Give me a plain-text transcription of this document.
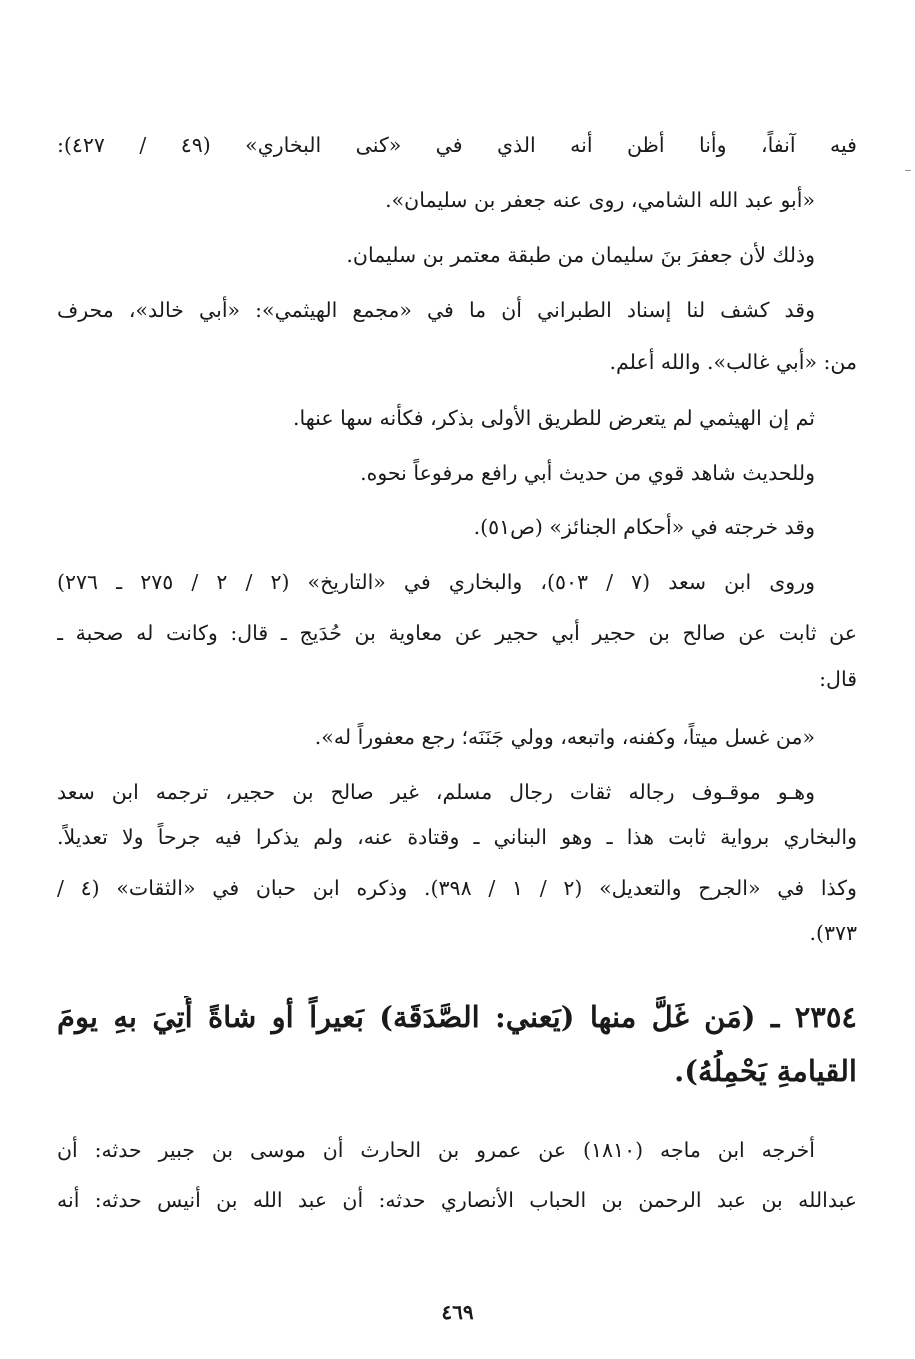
فيه آنفاً، وأنا أظن أنه الذي في «كنى البخاري» (٤٩ / ٤٢٧):
«أبو عبد الله الشامي، روى عنه جعفر بن سليمان».
وذلك لأن جعفرَ بنَ سليمان من طبقة معتمر بن سليمان.
وقد كشف لنا إسناد الطبراني أن ما في «مجمع الهيثمي»: «أبي خالد»، محرف
من: «أبي غالب». والله أعلم.
ثم إن الهيثمي لم يتعرض للطريق الأولى بذكر، فكأنه سها عنها.
وللحديث شاهد قوي من حديث أبي رافع مرفوعاً نحوه.
وقد خرجته في «أحكام الجنائز» (ص٥١).
وروى ابن سعد (٧ / ٥٠٣)، والبخاري في «التاريخ» (٢ / ٢ / ٢٧٥ ـ ٢٧٦)
عن ثابت عن صالح بن حجير أبي حجير عن معاوية بن حُدَيج ـ قال: وكانت له صحبة ـ
قال:
«من غسل ميتاً، وكفنه، واتبعه، وولي جَنَنَه؛ رجع معفوراً له».
وهـو موقـوف رجاله ثقات رجال مسلم، غير صالح بن حجير، ترجمه ابن سعد
والبخاري برواية ثابت هذا ـ وهو البناني ـ وقتادة عنه، ولم يذكرا فيه جرحاً ولا تعديلاً.
وكذا في «الجرح والتعديل» (٢ / ١ / ٣٩٨). وذكره ابن حبان في «الثقات» (٤ /
٣٧٣).
٢٣٥٤ ـ (مَن غَلَّ منها (يَعني: الصَّدَقَة) بَعيراً أو شاةً أُتِيَ بهِ يومَ
القيامةِ يَحْمِلُهُ).
أخرجه ابن ماجه (١٨١٠) عن عمرو بن الحارث أن موسى بن جبير حدثه: أن
عبدالله بن عبد الرحمن بن الحباب الأنصاري حدثه: أن عبد الله بن أنيس حدثه: أنه
٤٦٩
